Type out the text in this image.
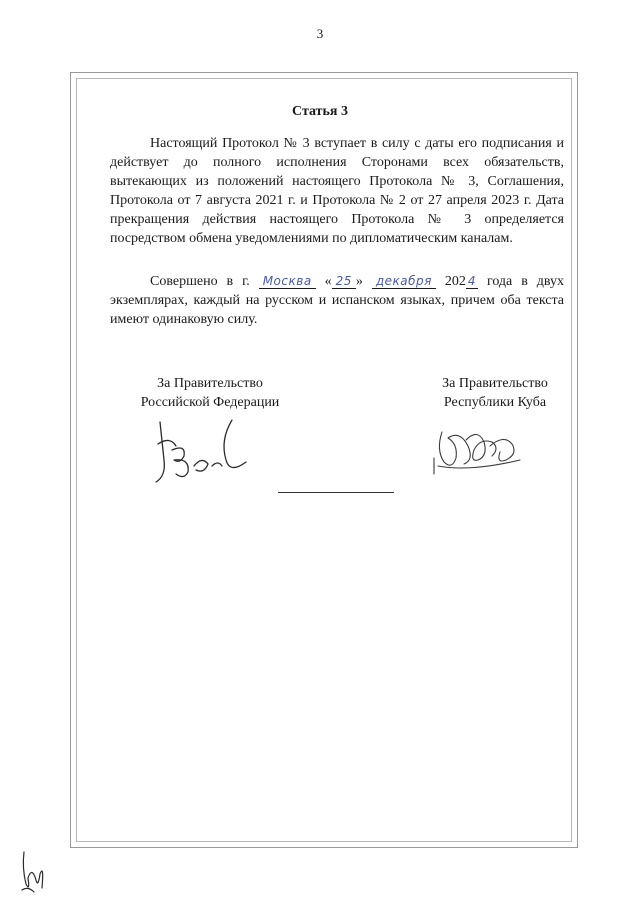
3
Статья 3

Настоящий Протокол № 3 вступает в силу с даты его подписания и действует до полного исполнения Сторонами всех обязательств, вытекающих из положений настоящего Протокола № 3, Соглашения, Протокола от 7 августа 2021 г. и Протокола № 2 от 27 апреля 2023 г. Дата прекращения действия настоящего Протокола № 3 определяется посредством обмена уведомлениями по дипломатическим каналам.

Совершено в г. Москва « 25 » декабря 202 4 года в двух экземплярах, каждый на русском и испанском языках, причем оба текста имеют одинаковую силу.

За Правительство
Российской Федерации
За Правительство
Республики Куба
